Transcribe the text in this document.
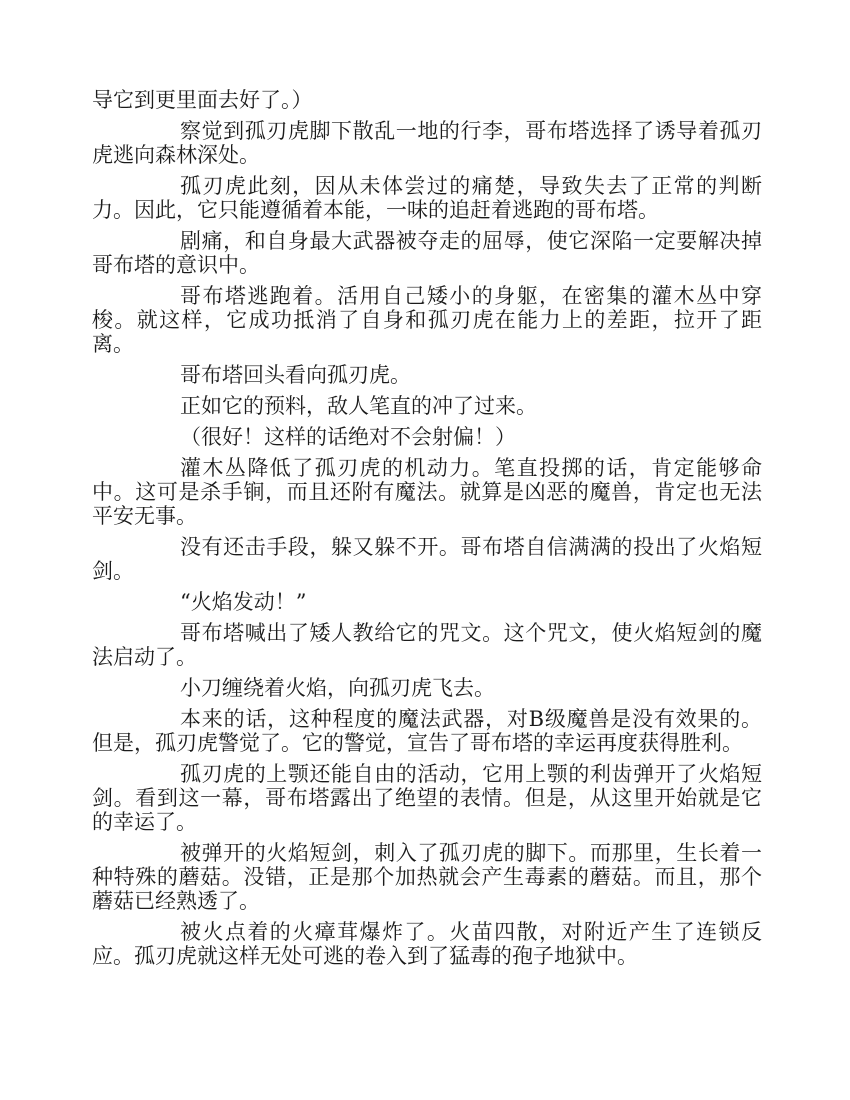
导它到更里面去好了。）

察觉到孤刃虎脚下散乱一地的行李，哥布塔选择了诱导着孤刃虎逃向森林深处。

孤刃虎此刻，因从未体尝过的痛楚，导致失去了正常的判断力。因此，它只能遵循着本能，一味的追赶着逃跑的哥布塔。

剧痛，和自身最大武器被夺走的屈辱，使它深陷一定要解决掉哥布塔的意识中。

哥布塔逃跑着。活用自己矮小的身躯，在密集的灌木丛中穿梭。就这样，它成功抵消了自身和孤刃虎在能力上的差距，拉开了距离。

哥布塔回头看向孤刃虎。

正如它的预料，敌人笔直的冲了过来。

（很好！这样的话绝对不会射偏！）

灌木丛降低了孤刃虎的机动力。笔直投掷的话，肯定能够命中。这可是杀手锏，而且还附有魔法。就算是凶恶的魔兽，肯定也无法平安无事。

没有还击手段，躲又躲不开。哥布塔自信满满的投出了火焰短剑。

“火焰发动！”

哥布塔喊出了矮人教给它的咒文。这个咒文，使火焰短剑的魔法启动了。

小刀缠绕着火焰，向孤刃虎飞去。

本来的话，这种程度的魔法武器，对B级魔兽是没有效果的。但是，孤刃虎警觉了。它的警觉，宣告了哥布塔的幸运再度获得胜利。

孤刃虎的上颚还能自由的活动，它用上颚的利齿弹开了火焰短剑。看到这一幕，哥布塔露出了绝望的表情。但是，从这里开始就是它的幸运了。

被弹开的火焰短剑，刺入了孤刃虎的脚下。而那里，生长着一种特殊的蘑菇。没错，正是那个加热就会产生毒素的蘑菇。而且，那个蘑菇已经熟透了。

被火点着的火瘴茸爆炸了。火苗四散，对附近产生了连锁反应。孤刃虎就这样无处可逃的卷入到了猛毒的孢子地狱中。
